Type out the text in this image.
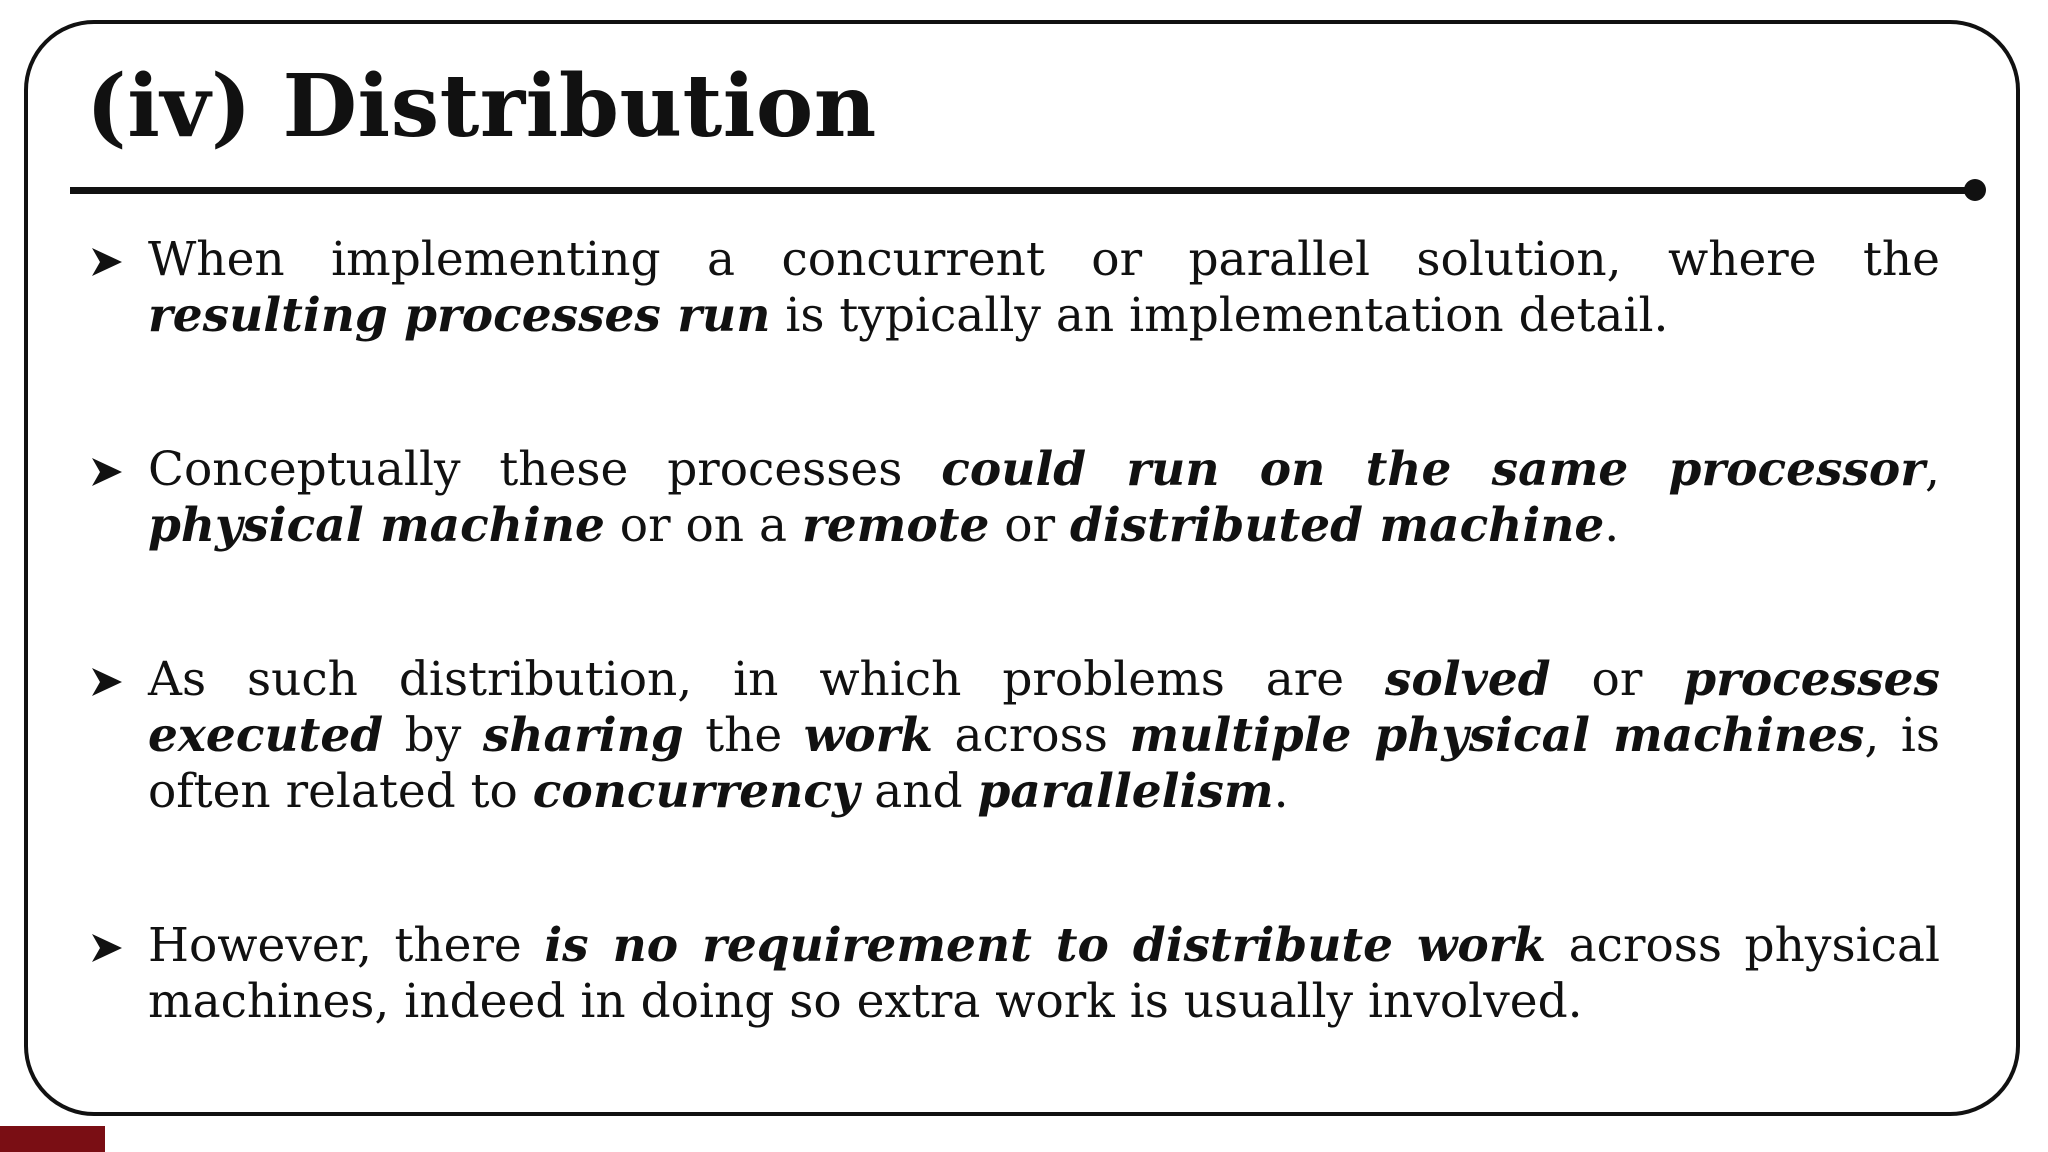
(iv) Distribution
When implementing a concurrent or parallel solution, where the resulting processes run is typically an implementation detail.
Conceptually these processes could run on the same processor, physical machine or on a remote or distributed machine.
As such distribution, in which problems are solved or processes executed by sharing the work across multiple physical machines, is often related to concurrency and parallelism.
However, there is no requirement to distribute work across physical machines, indeed in doing so extra work is usually involved.
